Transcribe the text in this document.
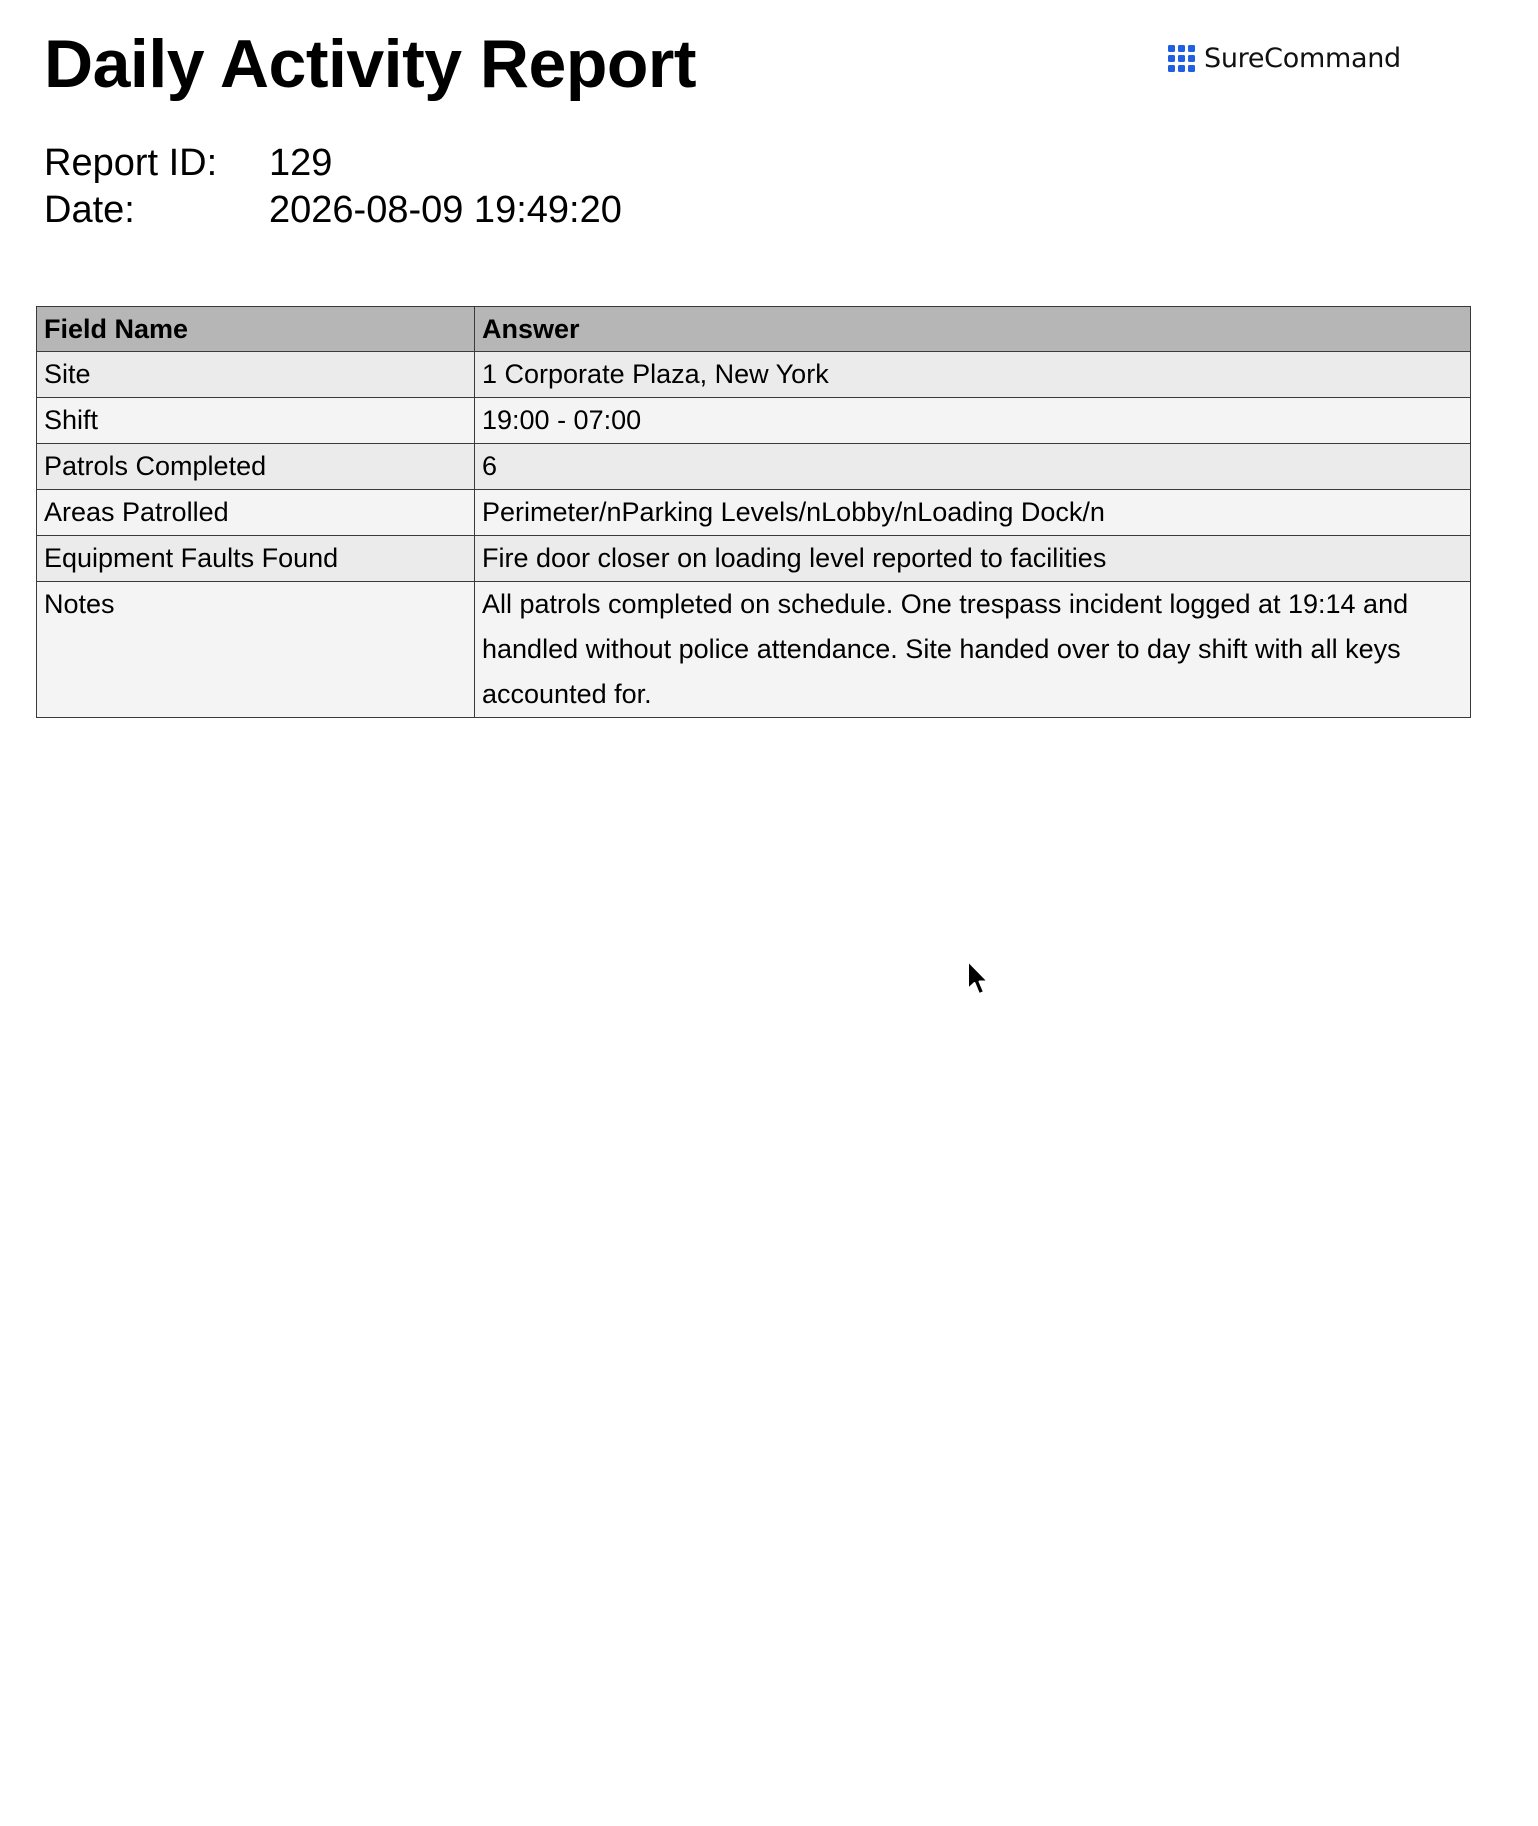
Daily Activity Report	SureCommand
Report ID:	129
Date:	2026-08-09 19:49:20
Field Name	Answer
Site	1 Corporate Plaza, New York
Shift	19:00 - 07:00
Patrols Completed	6
Areas Patrolled	Perimeter/nParking Levels/nLobby/nLoading Dock/n
Equipment Faults Found	Fire door closer on loading level reported to facilities
Notes	All patrols completed on schedule. One trespass incident logged at 19:14 and handled without police attendance. Site handed over to day shift with all keys accounted for.
